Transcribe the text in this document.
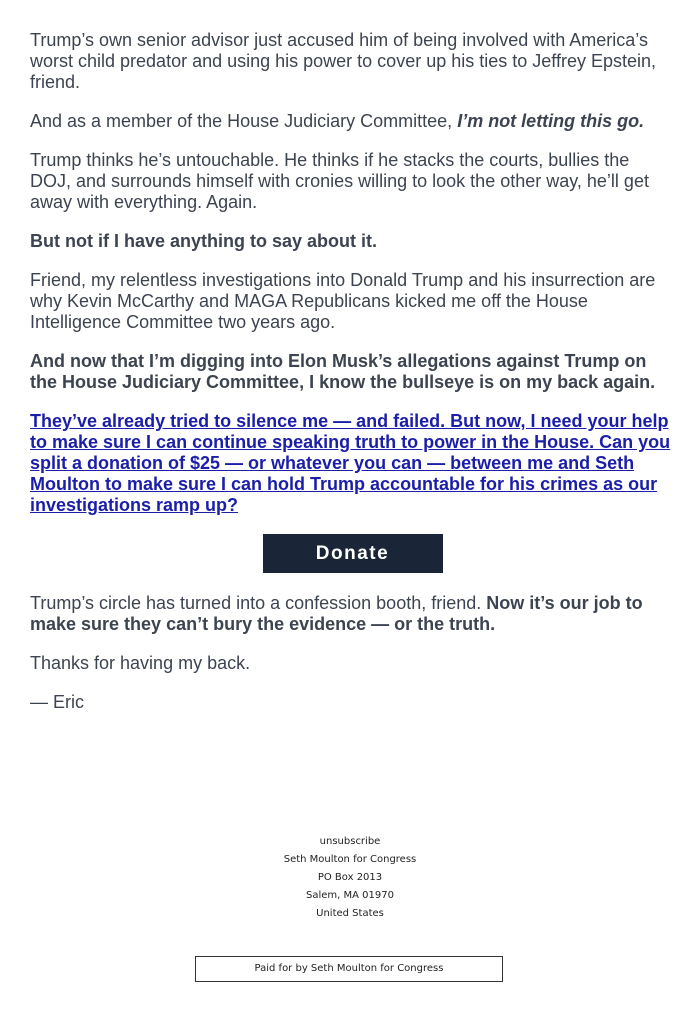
Trump’s own senior advisor just accused him of being involved with America’s worst child predator and using his power to cover up his ties to Jeffrey Epstein, friend.

And as a member of the House Judiciary Committee, I’m not letting this go.

Trump thinks he’s untouchable. He thinks if he stacks the courts, bullies the DOJ, and surrounds himself with cronies willing to look the other way, he’ll get away with everything. Again.

But not if I have anything to say about it.

Friend, my relentless investigations into Donald Trump and his insurrection are why Kevin McCarthy and MAGA Republicans kicked me off the House Intelligence Committee two years ago.

And now that I’m digging into Elon Musk’s allegations against Trump on the House Judiciary Committee, I know the bullseye is on my back again.

They’ve already tried to silence me — and failed. But now, I need your help to make sure I can continue speaking truth to power in the House. Can you split a donation of $25 — or whatever you can — between me and Seth Moulton to make sure I can hold Trump accountable for his crimes as our investigations ramp up?

Donate

Trump’s circle has turned into a confession booth, friend. Now it’s our job to make sure they can’t bury the evidence — or the truth.

Thanks for having my back.

— Eric

unsubscribe
Seth Moulton for Congress
PO Box 2013
Salem, MA 01970
United States
Paid for by Seth Moulton for Congress
